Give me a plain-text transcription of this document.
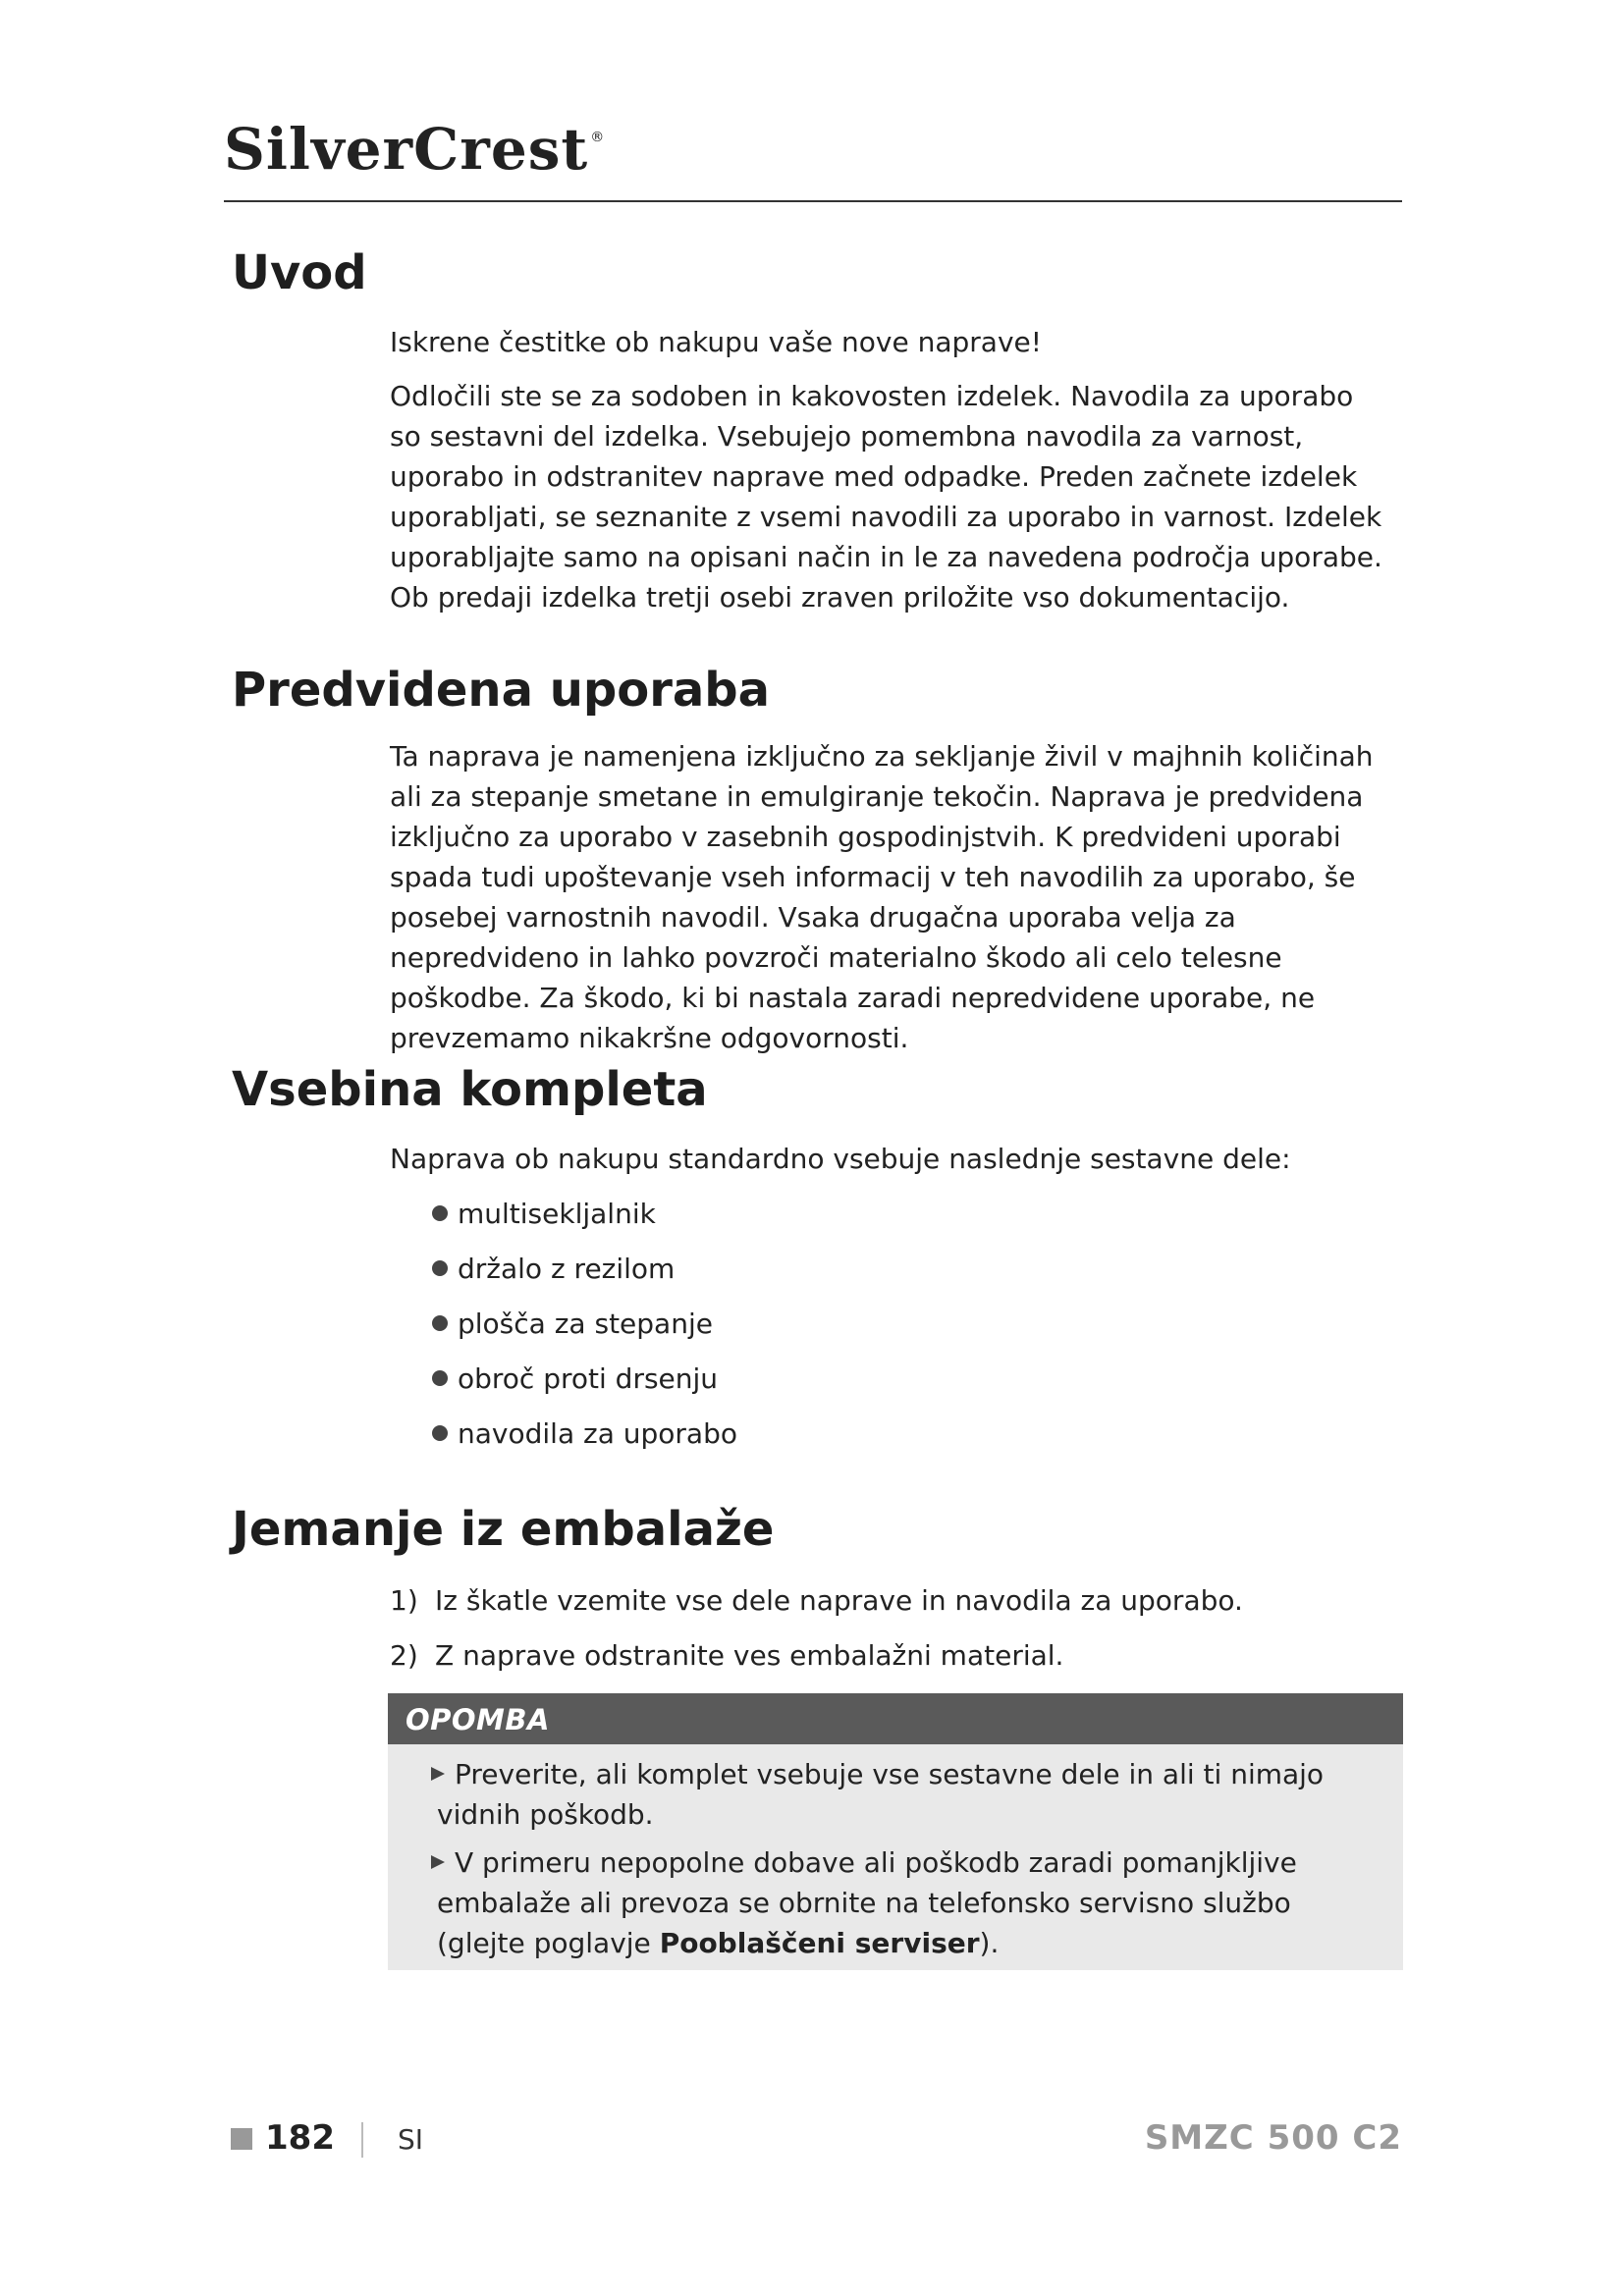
SilverCrest ®
Uvod

Iskrene čestitke ob nakupu vaše nove naprave!

Odločili ste se za sodoben in kakovosten izdelek. Navodila za uporabo so sestavni del izdelka. Vsebujejo pomembna navodila za varnost, uporabo in odstranitev naprave med odpadke. Preden začnete izdelek uporabljati, se seznanite z vsemi navodili za uporabo in varnost. Izdelek uporabljajte samo na opisani način in le za navedena področja uporabe. Ob predaji izdelka tretji osebi zraven priložite vso dokumentacijo.

Predvidena uporaba

Ta naprava je namenjena izključno za sekljanje živil v majhnih količinah ali za stepanje smetane in emulgiranje tekočin. Naprava je predvidena izključno za uporabo v zasebnih gospodinjstvih. K predvideni uporabi spada tudi upoštevanje vseh informacij v teh navodilih za uporabo, še posebej varnostnih navodil. Vsaka drugačna uporaba velja za nepredvideno in lahko povzroči materialno škodo ali celo telesne poškodbe. Za škodo, ki bi nastala zaradi nepredvidene uporabe, ne prevzemamo nikakršne odgovornosti.

Vsebina kompleta
Naprava ob nakupu standardno vsebuje naslednje sestavne dele:
multisekljalnik
držalo z rezilom
plošča za stepanje
obroč proti drsenju
navodila za uporabo
Jemanje iz embalaže
1) Iz škatle vzemite vse dele naprave in navodila za uporabo.
2) Z naprave odstranite ves embalažni material.
OPOMBA
Preverite, ali komplet vsebuje vse sestavne dele in ali ti nimajo vidnih poškodb.
V primeru nepopolne dobave ali poškodb zaradi pomanjkljive embalaže ali prevoza se obrnite na telefonsko servisno službo
(glejte poglavje Pooblaščeni serviser).
182 SI	SMZC 500 C2
